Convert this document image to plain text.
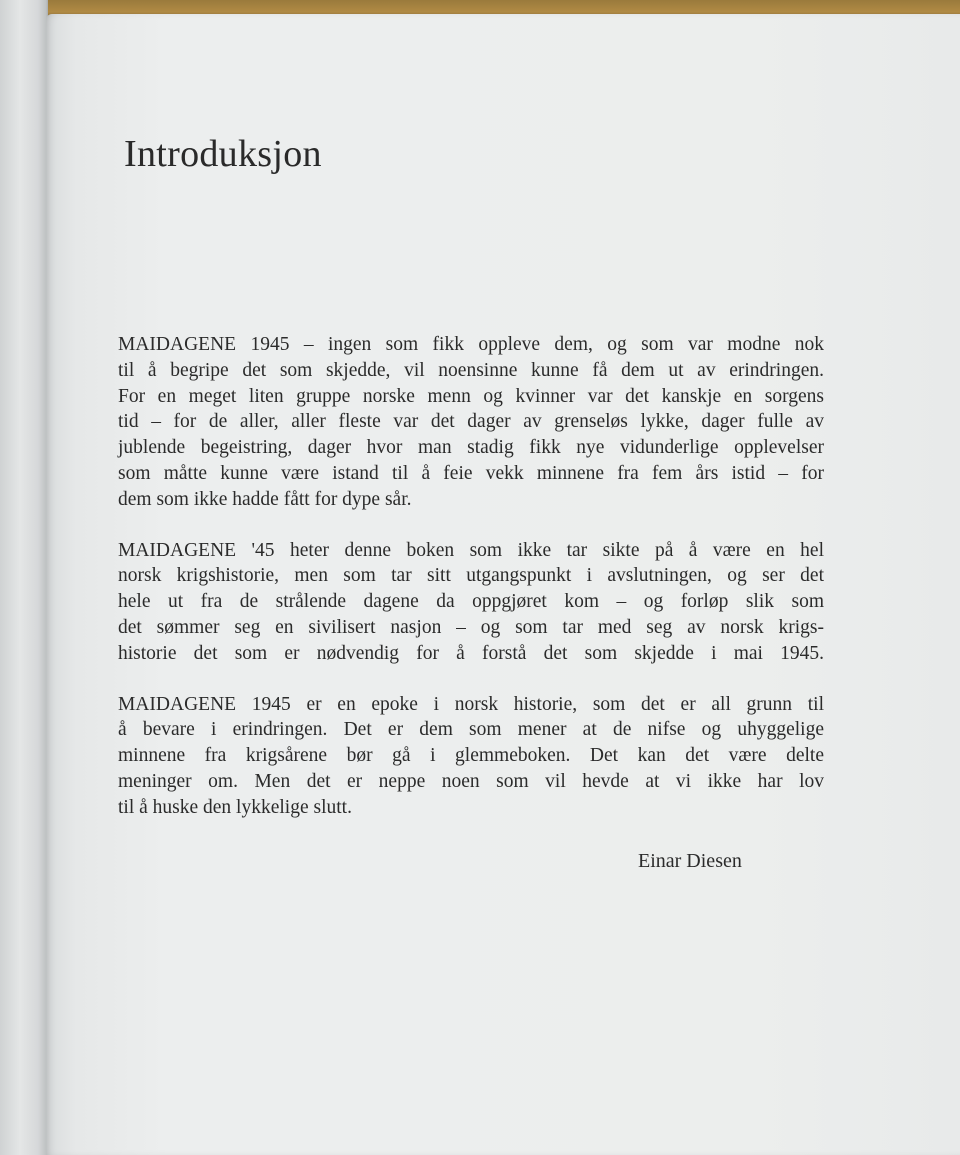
Introduksjon

MAIDAGENE 1945 – ingen som fikk oppleve dem, og som var modne nok
til å begripe det som skjedde, vil noensinne kunne få dem ut av erindringen.
For en meget liten gruppe norske menn og kvinner var det kanskje en sorgens
tid – for de aller, aller fleste var det dager av grenseløs lykke, dager fulle av
jublende begeistring, dager hvor man stadig fikk nye vidunderlige opplevelser
som måtte kunne være istand til å feie vekk minnene fra fem års istid – for
dem som ikke hadde fått for dype sår.

MAIDAGENE '45 heter denne boken som ikke tar sikte på å være en hel
norsk krigshistorie, men som tar sitt utgangspunkt i avslutningen, og ser det
hele ut fra de strålende dagene da oppgjøret kom – og forløp slik som
det sømmer seg en sivilisert nasjon – og som tar med seg av norsk krigs-
historie det som er nødvendig for å forstå det som skjedde i mai 1945.

MAIDAGENE 1945 er en epoke i norsk historie, som det er all grunn til
å bevare i erindringen. Det er dem som mener at de nifse og uhyggelige
minnene fra krigsårene bør gå i glemmeboken. Det kan det være delte
meninger om. Men det er neppe noen som vil hevde at vi ikke har lov
til å huske den lykkelige slutt.

Einar Diesen
